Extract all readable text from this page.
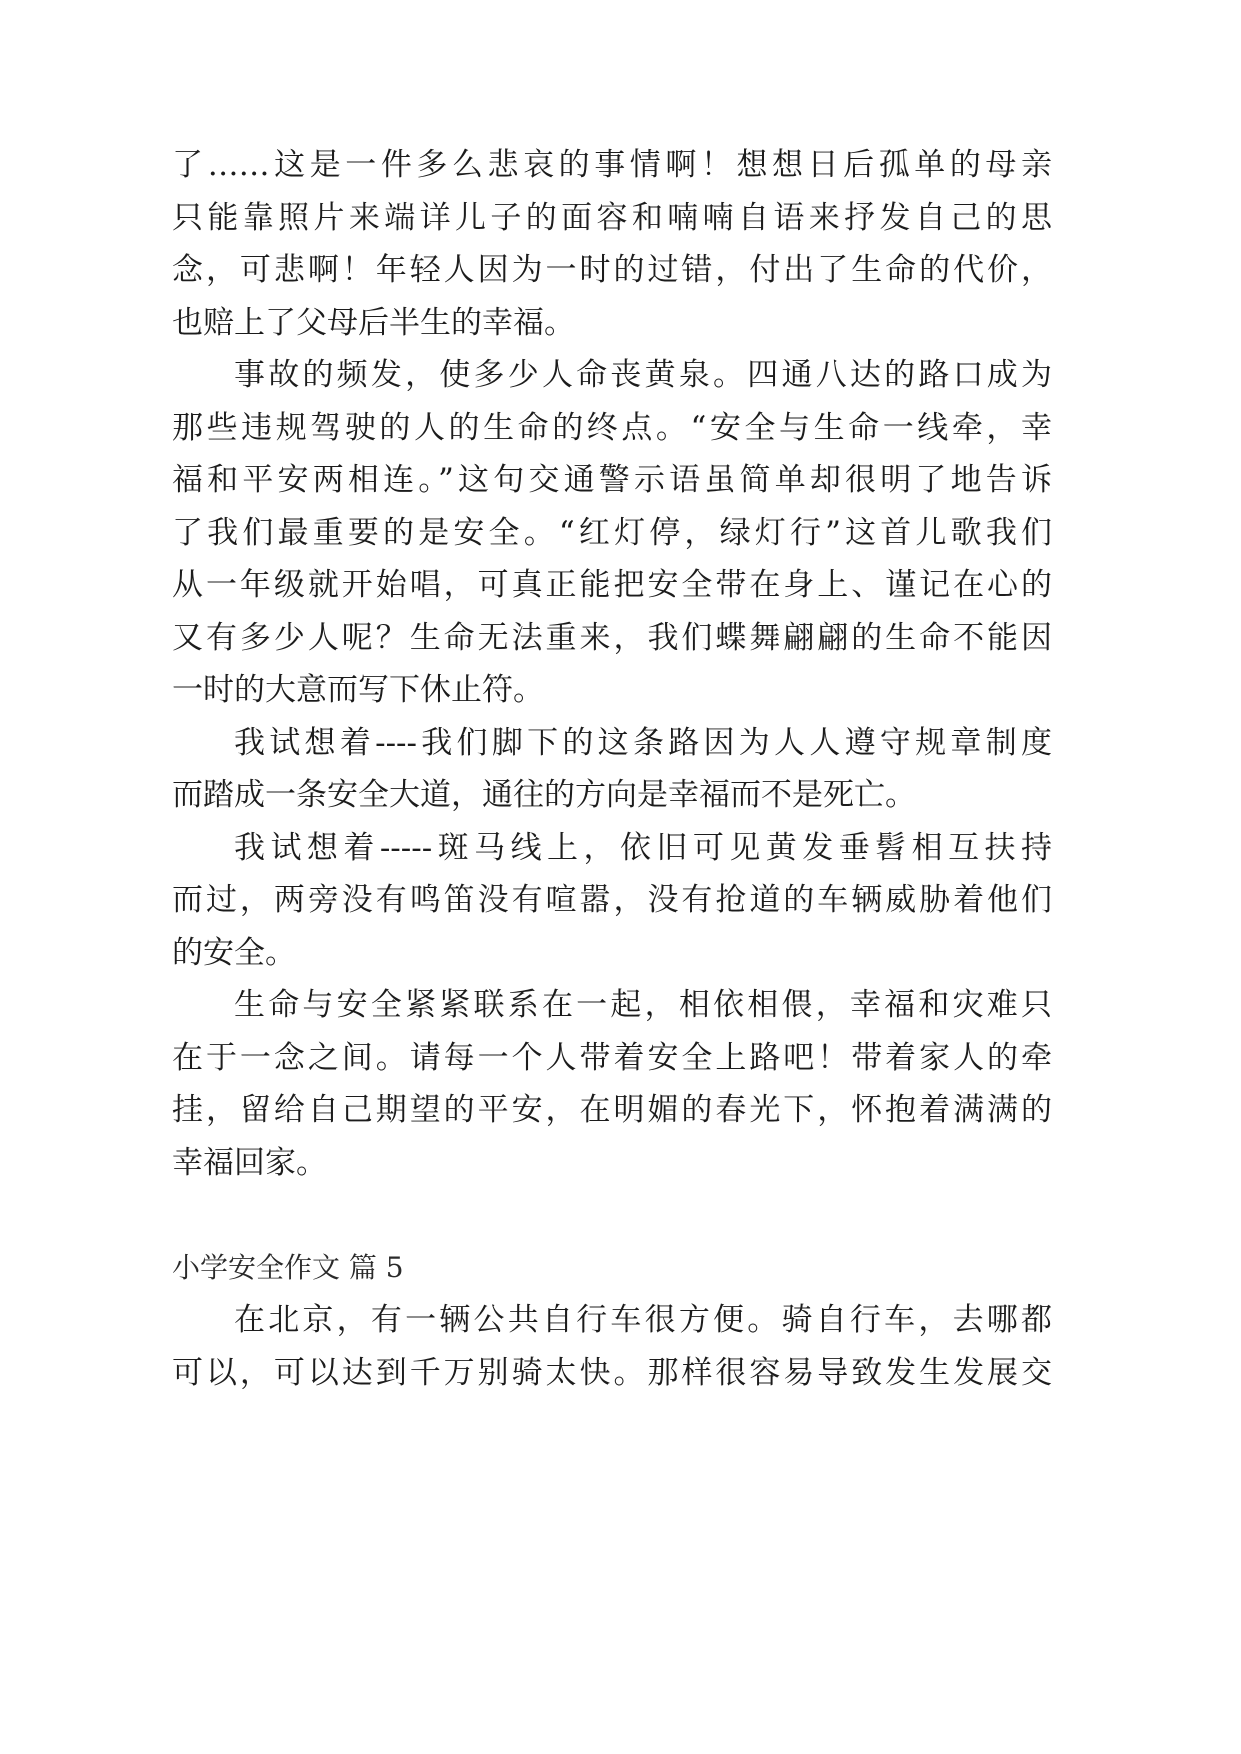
了……这是一件多么悲哀的事情啊！想想日后孤单的母亲
只能靠照片来端详儿子的面容和喃喃自语来抒发自己的思
念，可悲啊！年轻人因为一时的过错，付出了生命的代价，
也赔上了父母后半生的幸福。
事故的频发，使多少人命丧黄泉。四通八达的路口成为
那些违规驾驶的人的生命的终点。“安全与生命一线牵，幸
福和平安两相连。”这句交通警示语虽简单却很明了地告诉
了我们最重要的是安全。“红灯停，绿灯行”这首儿歌我们
从一年级就开始唱，可真正能把安全带在身上、谨记在心的
又有多少人呢？生命无法重来，我们蝶舞翩翩的生命不能因
一时的大意而写下休止符。
我试想着----我们脚下的这条路因为人人遵守规章制度
而踏成一条安全大道，通往的方向是幸福而不是死亡。
我试想着-----斑马线上，依旧可见黄发垂髫相互扶持
而过，两旁没有鸣笛没有喧嚣，没有抢道的车辆威胁着他们
的安全。
生命与安全紧紧联系在一起，相依相偎，幸福和灾难只
在于一念之间。请每一个人带着安全上路吧！带着家人的牵
挂，留给自己期望的平安，在明媚的春光下，怀抱着满满的
幸福回家。
小学安全作文 篇 5
在北京，有一辆公共自行车很方便。骑自行车，去哪都
可以，可以达到千万别骑太快。那样很容易导致发生发展交
